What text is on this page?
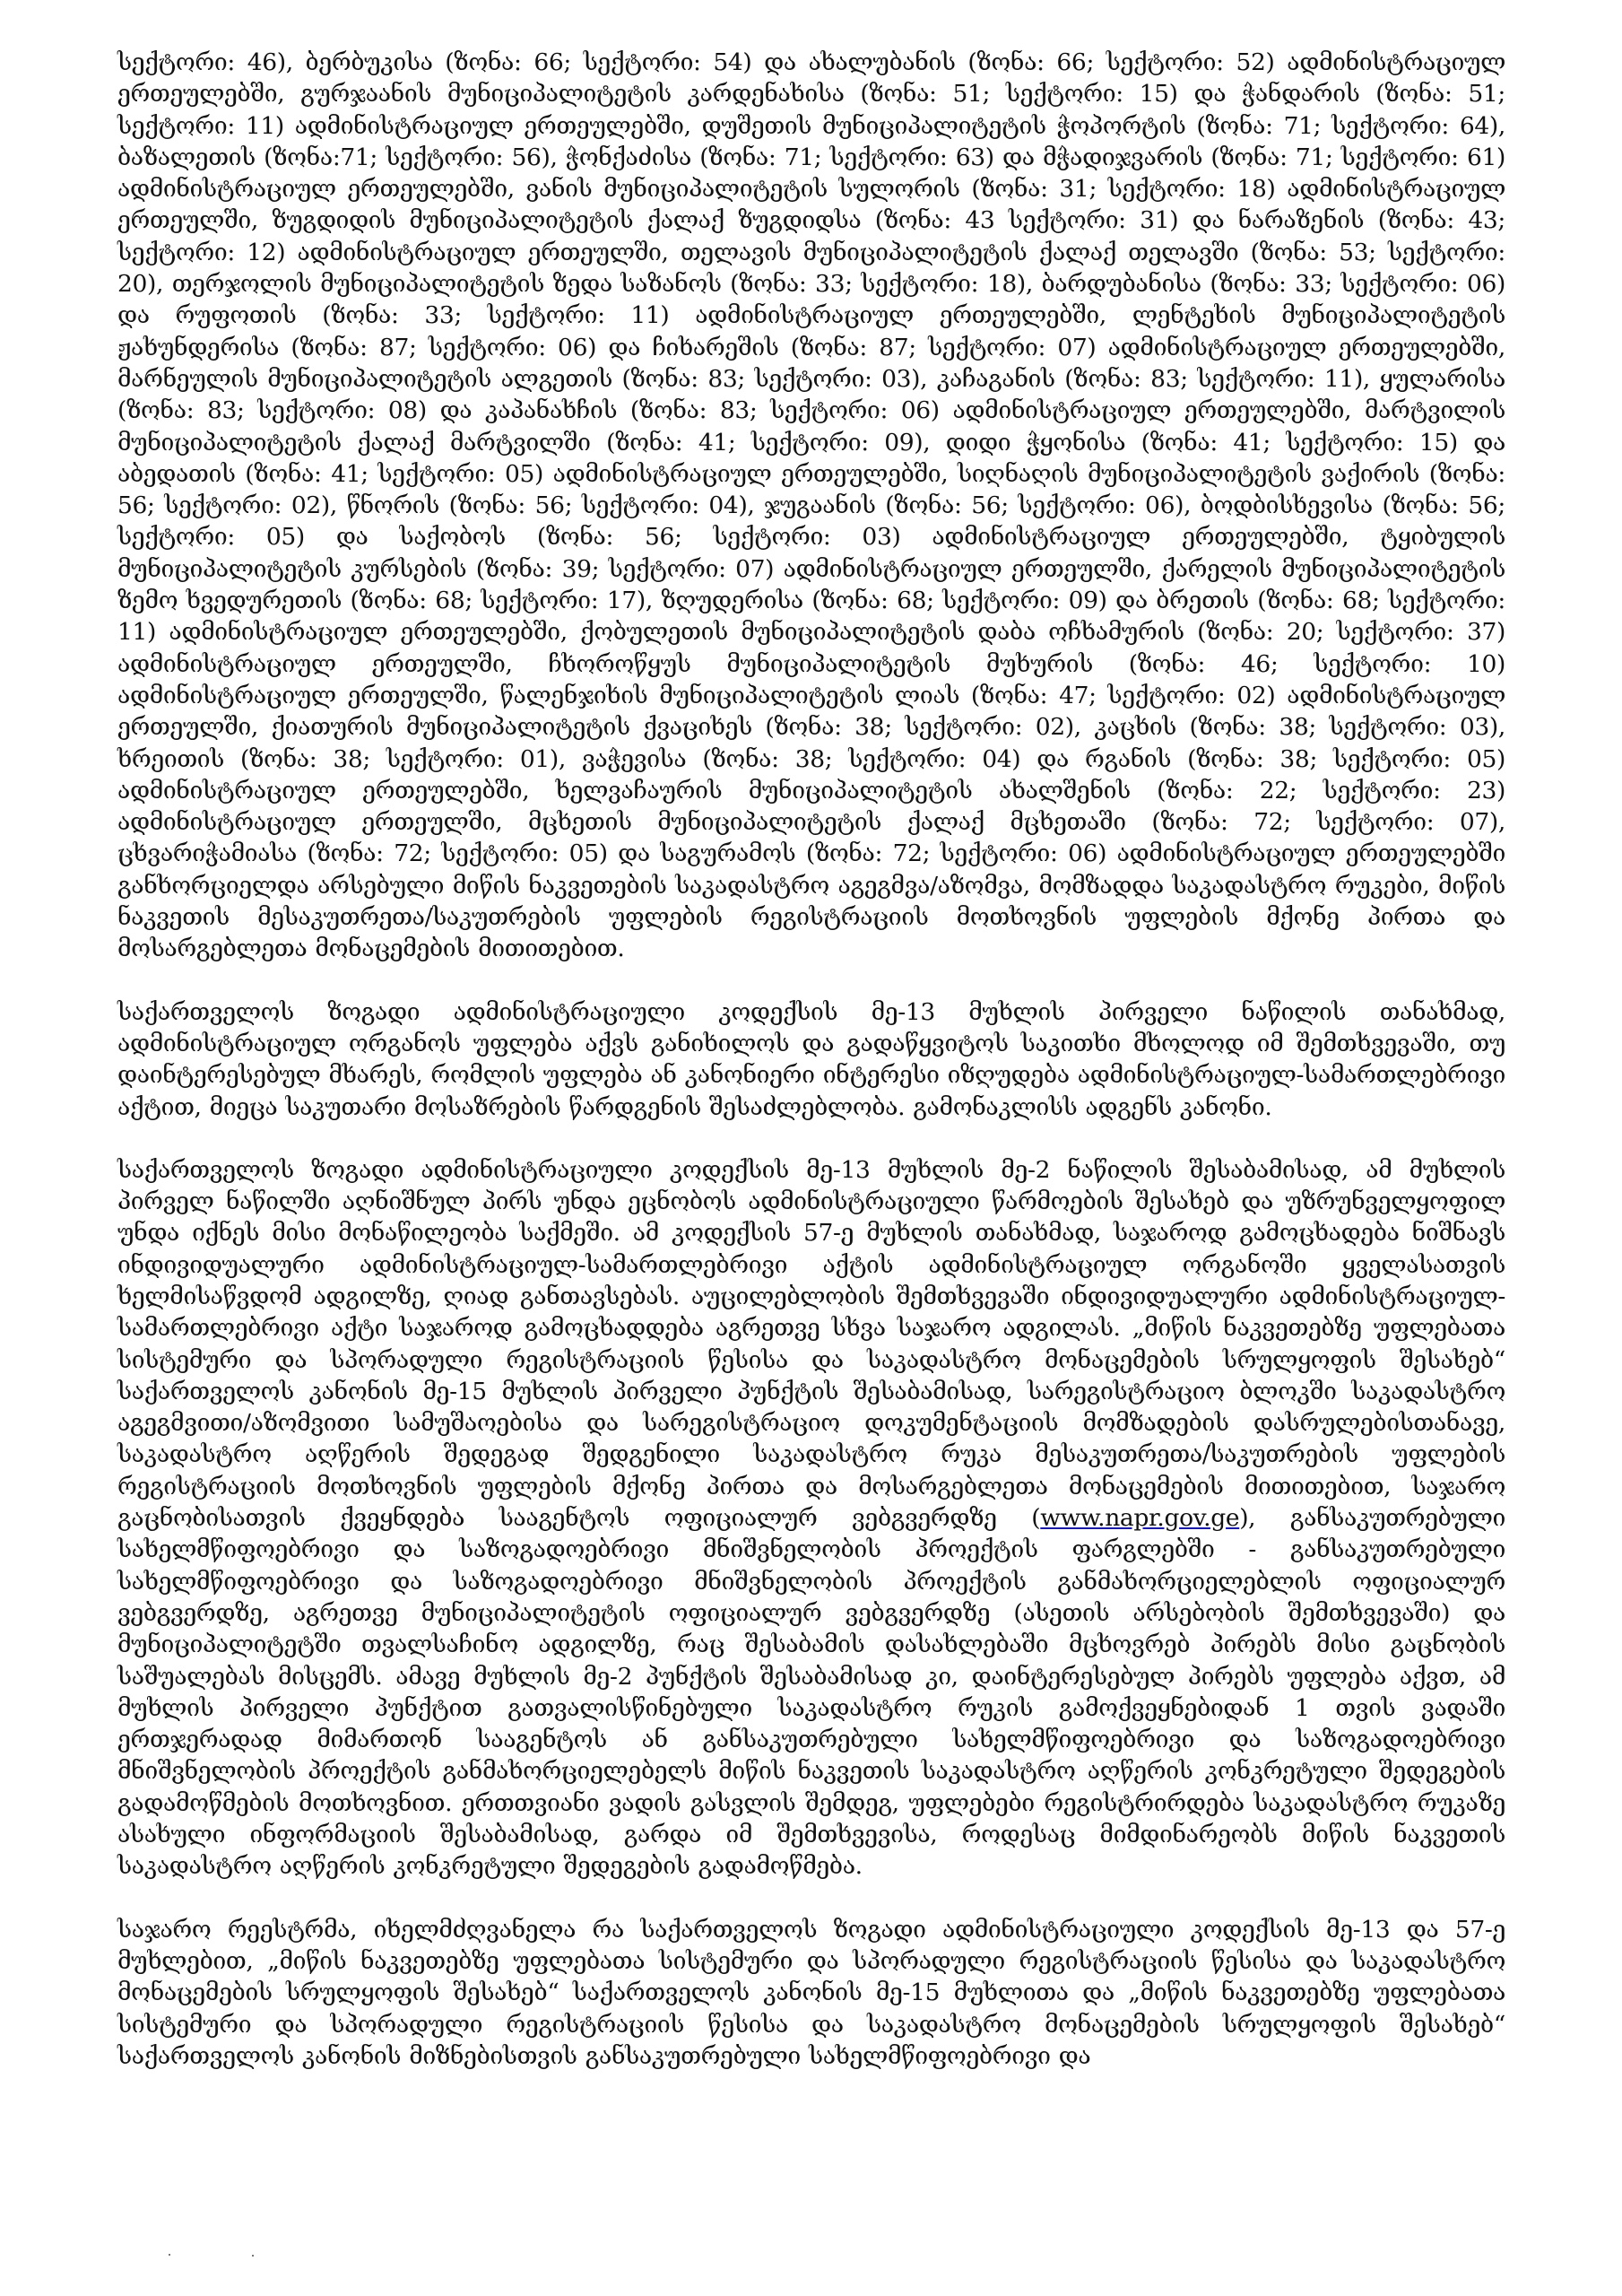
სექტორი: 46), ბერბუკისა (ზონა: 66; სექტორი: 54) და ახალუბანის (ზონა: 66; სექტორი: 52) ადმინისტრაციულ ერთეულებში, გურჯაანის მუნიციპალიტეტის კარდენახისა (ზონა: 51; სექტორი: 15) და ჭანდარის (ზონა: 51; სექტორი: 11) ადმინისტრაციულ ერთეულებში, დუშეთის მუნიციპალიტეტის ჭოპორტის (ზონა: 71; სექტორი: 64), ბაზალეთის (ზონა:71; სექტორი: 56), ჭონქაძისა (ზონა: 71; სექტორი: 63) და მჭადიჯვარის (ზონა: 71; სექტორი: 61) ადმინისტრაციულ ერთეულებში, ვანის მუნიციპალიტეტის სულორის (ზონა: 31; სექტორი: 18) ადმინისტრაციულ ერთეულში, ზუგდიდის მუნიციპალიტეტის ქალაქ ზუგდიდსა (ზონა: 43 სექტორი: 31) და ნარაზენის (ზონა: 43; სექტორი: 12) ადმინისტრაციულ ერთეულში, თელავის მუნიციპალიტეტის ქალაქ თელავში (ზონა: 53; სექტორი: 20), თერჯოლის მუნიციპალიტეტის ზედა საზანოს (ზონა: 33; სექტორი: 18), ბარდუბანისა (ზონა: 33; სექტორი: 06) და რუფოთის (ზონა: 33; სექტორი: 11) ადმინისტრაციულ ერთეულებში, ლენტეხის მუნიციპალიტეტის ჟახუნდერისა (ზონა: 87; სექტორი: 06) და ჩიხარეშის (ზონა: 87; სექტორი: 07) ადმინისტრაციულ ერთეულებში, მარნეულის მუნიციპალიტეტის ალგეთის (ზონა: 83; სექტორი: 03), კაჩაგანის (ზონა: 83; სექტორი: 11), ყულარისა (ზონა: 83; სექტორი: 08) და კაპანახჩის (ზონა: 83; სექტორი: 06) ადმინისტრაციულ ერთეულებში, მარტვილის მუნიციპალიტეტის ქალაქ მარტვილში (ზონა: 41; სექტორი: 09), დიდი ჭყონისა (ზონა: 41; სექტორი: 15) და აბედათის (ზონა: 41; სექტორი: 05) ადმინისტრაციულ ერთეულებში, სიღნაღის მუნიციპალიტეტის ვაქირის (ზონა: 56; სექტორი: 02), წნორის (ზონა: 56; სექტორი: 04), ჯუგაანის (ზონა: 56; სექტორი: 06), ბოდბისხევისა (ზონა: 56; სექტორი: 05) და საქობოს (ზონა: 56; სექტორი: 03) ადმინისტრაციულ ერთეულებში, ტყიბულის მუნიციპალიტეტის კურსების (ზონა: 39; სექტორი: 07) ადმინისტრაციულ ერთეულში, ქარელის მუნიციპალიტეტის ზემო ხვედურეთის (ზონა: 68; სექტორი: 17), ზღუდერისა (ზონა: 68; სექტორი: 09) და ბრეთის (ზონა: 68; სექტორი: 11) ადმინისტრაციულ ერთეულებში, ქობულეთის მუნიციპალიტეტის დაბა ოჩხამურის (ზონა: 20; სექტორი: 37) ადმინისტრაციულ ერთეულში, ჩხოროწყუს მუნიციპალიტეტის მუხურის (ზონა: 46; სექტორი: 10) ადმინისტრაციულ ერთეულში, წალენჯიხის მუნიციპალიტეტის ლიას (ზონა: 47; სექტორი: 02) ადმინისტრაციულ ერთეულში, ქიათურის მუნიციპალიტეტის ქვაციხეს (ზონა: 38; სექტორი: 02), კაცხის (ზონა: 38; სექტორი: 03), ხრეითის (ზონა: 38; სექტორი: 01), ვაჭევისა (ზონა: 38; სექტორი: 04) და რგანის (ზონა: 38; სექტორი: 05) ადმინისტრაციულ ერთეულებში, ხელვაჩაურის მუნიციპალიტეტის ახალშენის (ზონა: 22; სექტორი: 23) ადმინისტრაციულ ერთეულში, მცხეთის მუნიციპალიტეტის ქალაქ მცხეთაში (ზონა: 72; სექტორი: 07), ცხვარიჭამიასა (ზონა: 72; სექტორი: 05) და საგურამოს (ზონა: 72; სექტორი: 06) ადმინისტრაციულ ერთეულებში განხორციელდა არსებული მიწის ნაკვეთების საკადასტრო აგეგმვა/აზომვა, მომზადდა საკადასტრო რუკები, მიწის ნაკვეთის მესაკუთრეთა/საკუთრების უფლების რეგისტრაციის მოთხოვნის უფლების მქონე პირთა და მოსარგებლეთა მონაცემების მითითებით.

საქართველოს ზოგადი ადმინისტრაციული კოდექსის მე-13 მუხლის პირველი ნაწილის თანახმად, ადმინისტრაციულ ორგანოს უფლება აქვს განიხილოს და გადაწყვიტოს საკითხი მხოლოდ იმ შემთხვევაში, თუ დაინტერესებულ მხარეს, რომლის უფლება ან კანონიერი ინტერესი იზღუდება ადმინისტრაციულ-სამართლებრივი აქტით, მიეცა საკუთარი მოსაზრების წარდგენის შესაძლებლობა. გამონაკლისს ადგენს კანონი.

საქართველოს ზოგადი ადმინისტრაციული კოდექსის მე-13 მუხლის მე-2 ნაწილის შესაბამისად, ამ მუხლის პირველ ნაწილში აღნიშნულ პირს უნდა ეცნობოს ადმინისტრაციული წარმოების შესახებ და უზრუნველყოფილ უნდა იქნეს მისი მონაწილეობა საქმეში. ამ კოდექსის 57-ე მუხლის თანახმად, საჯაროდ გამოცხადება ნიშნავს ინდივიდუალური ადმინისტრაციულ-სამართლებრივი აქტის ადმინისტრაციულ ორგანოში ყველასათვის ხელმისაწვდომ ადგილზე, ღიად განთავსებას. აუცილებლობის შემთხვევაში ინდივიდუალური ადმინისტრაციულ-სამართლებრივი აქტი საჯაროდ გამოცხადდება აგრეთვე სხვა საჯარო ადგილას. „მიწის ნაკვეთებზე უფლებათა სისტემური და სპორადული რეგისტრაციის წესისა და საკადასტრო მონაცემების სრულყოფის შესახებ“ საქართველოს კანონის მე-15 მუხლის პირველი პუნქტის შესაბამისად, სარეგისტრაციო ბლოკში საკადასტრო აგეგმვითი/აზომვითი სამუშაოებისა და სარეგისტრაციო დოკუმენტაციის მომზადების დასრულებისთანავე, საკადასტრო აღწერის შედეგად შედგენილი საკადასტრო რუკა მესაკუთრეთა/საკუთრების უფლების რეგისტრაციის მოთხოვნის უფლების მქონე პირთა და მოსარგებლეთა მონაცემების მითითებით, საჯარო გაცნობისათვის ქვეყნდება სააგენტოს ოფიციალურ ვებგვერდზე (www.napr.gov.ge), განსაკუთრებული სახელმწიფოებრივი და საზოგადოებრივი მნიშვნელობის პროექტის ფარგლებში - განსაკუთრებული სახელმწიფოებრივი და საზოგადოებრივი მნიშვნელობის პროექტის განმახორციელებლის ოფიციალურ ვებგვერდზე, აგრეთვე მუნიციპალიტეტის ოფიციალურ ვებგვერდზე (ასეთის არსებობის შემთხვევაში) და მუნიციპალიტეტში თვალსაჩინო ადგილზე, რაც შესაბამის დასახლებაში მცხოვრებ პირებს მისი გაცნობის საშუალებას მისცემს. ამავე მუხლის მე-2 პუნქტის შესაბამისად კი, დაინტერესებულ პირებს უფლება აქვთ, ამ მუხლის პირველი პუნქტით გათვალისწინებული საკადასტრო რუკის გამოქვეყნებიდან 1 თვის ვადაში ერთჯერადად მიმართონ სააგენტოს ან განსაკუთრებული სახელმწიფოებრივი და საზოგადოებრივი მნიშვნელობის პროექტის განმახორციელებელს მიწის ნაკვეთის საკადასტრო აღწერის კონკრეტული შედეგების გადამოწმების მოთხოვნით. ერთთვიანი ვადის გასვლის შემდეგ, უფლებები რეგისტრირდება საკადასტრო რუკაზე ასახული ინფორმაციის შესაბამისად, გარდა იმ შემთხვევისა, როდესაც მიმდინარეობს მიწის ნაკვეთის საკადასტრო აღწერის კონკრეტული შედეგების გადამოწმება.

საჯარო რეესტრმა, იხელმძღვანელა რა საქართველოს ზოგადი ადმინისტრაციული კოდექსის მე-13 და 57-ე მუხლებით, „მიწის ნაკვეთებზე უფლებათა სისტემური და სპორადული რეგისტრაციის წესისა და საკადასტრო მონაცემების სრულყოფის შესახებ“ საქართველოს კანონის მე-15 მუხლითა და „მიწის ნაკვეთებზე უფლებათა სისტემური და სპორადული რეგისტრაციის წესისა და საკადასტრო მონაცემების სრულყოფის შესახებ“ საქართველოს კანონის მიზნებისთვის განსაკუთრებული სახელმწიფოებრივი და
